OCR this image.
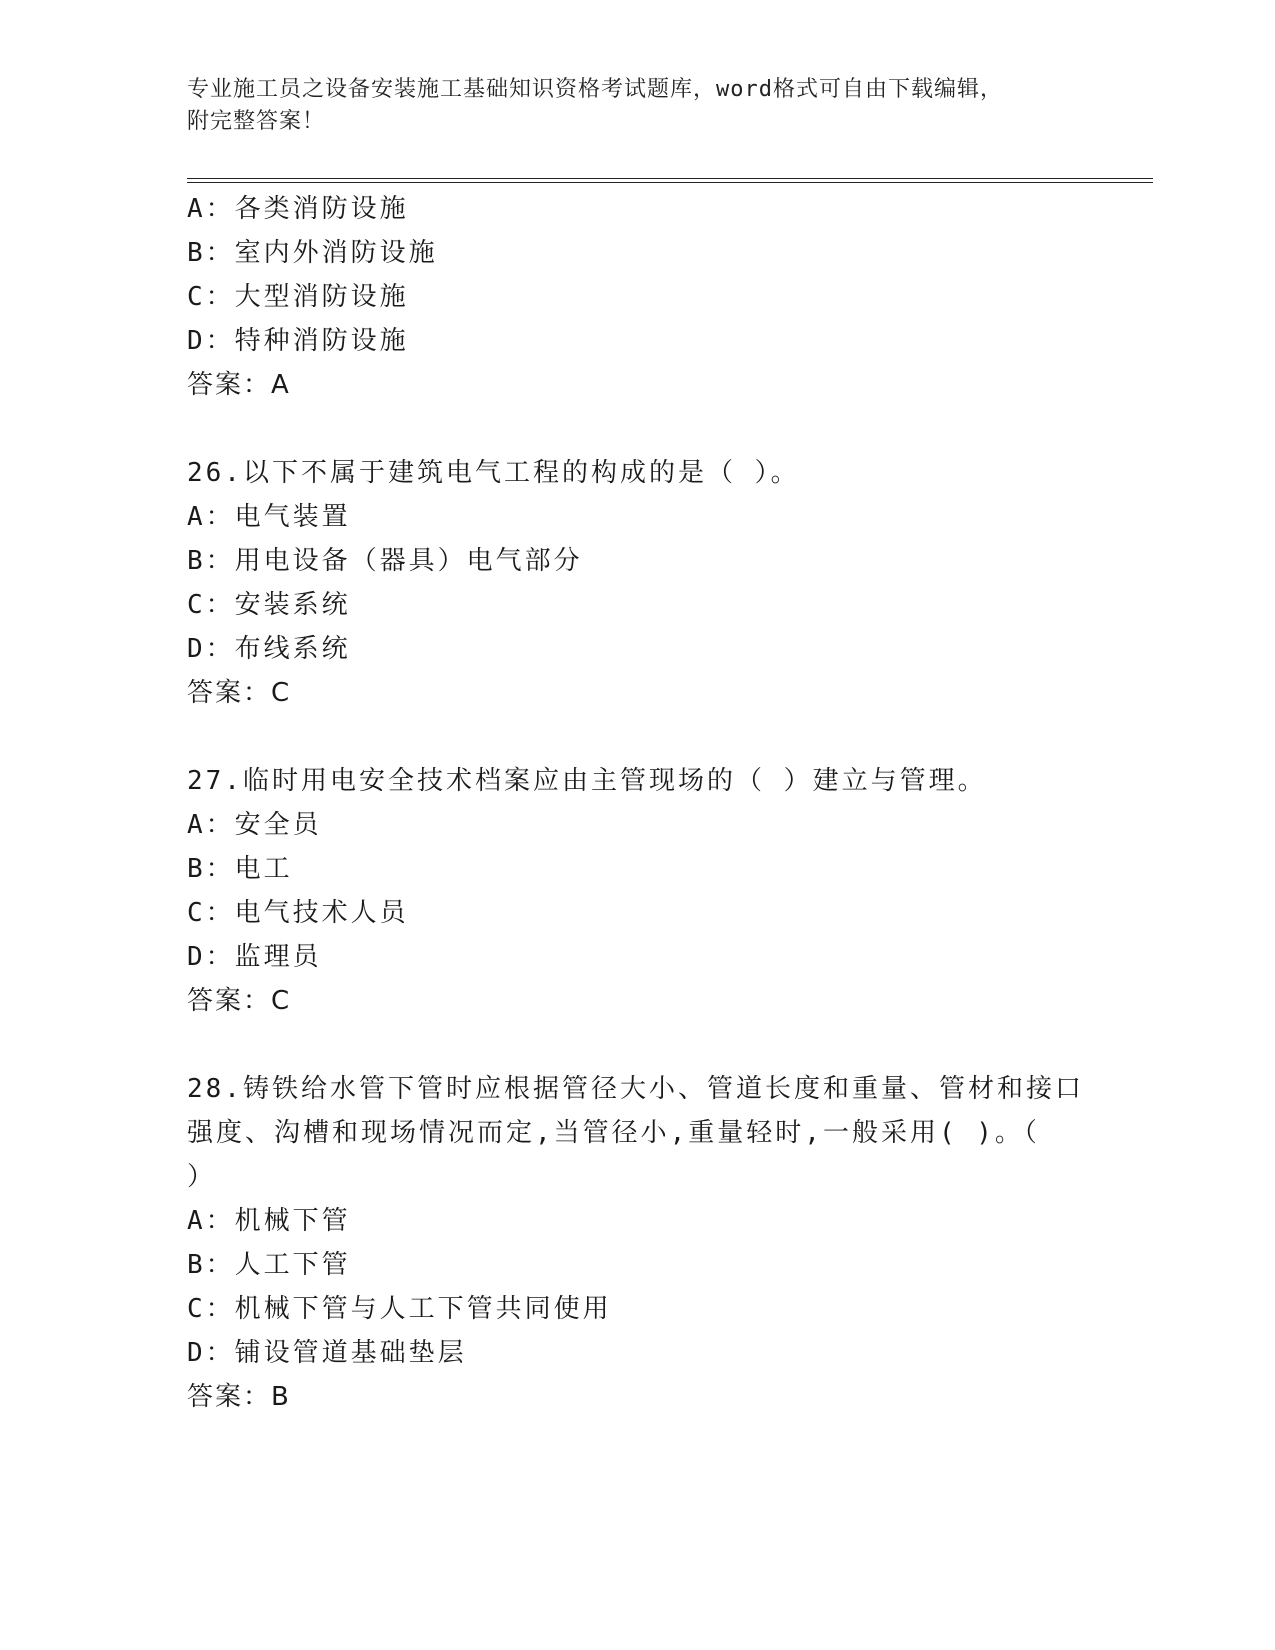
专业施工员之设备安装施工基础知识资格考试题库，word格式可自由下载编辑，
附完整答案！
A：各类消防设施
B：室内外消防设施
C：大型消防设施
D：特种消防设施
答案：A
26.以下不属于建筑电气工程的构成的是（ ）。
A：电气装置
B：用电设备（器具）电气部分
C：安装系统
D：布线系统
答案：C
27.临时用电安全技术档案应由主管现场的（ ）建立与管理。
A：安全员
B：电工
C：电气技术人员
D：监理员
答案：C
28.铸铁给水管下管时应根据管径大小、管道长度和重量、管材和接口
强度、沟槽和现场情况而定,当管径小,重量轻时,一般采用( )。（
）
A：机械下管
B：人工下管
C：机械下管与人工下管共同使用
D：铺设管道基础垫层
答案：B
